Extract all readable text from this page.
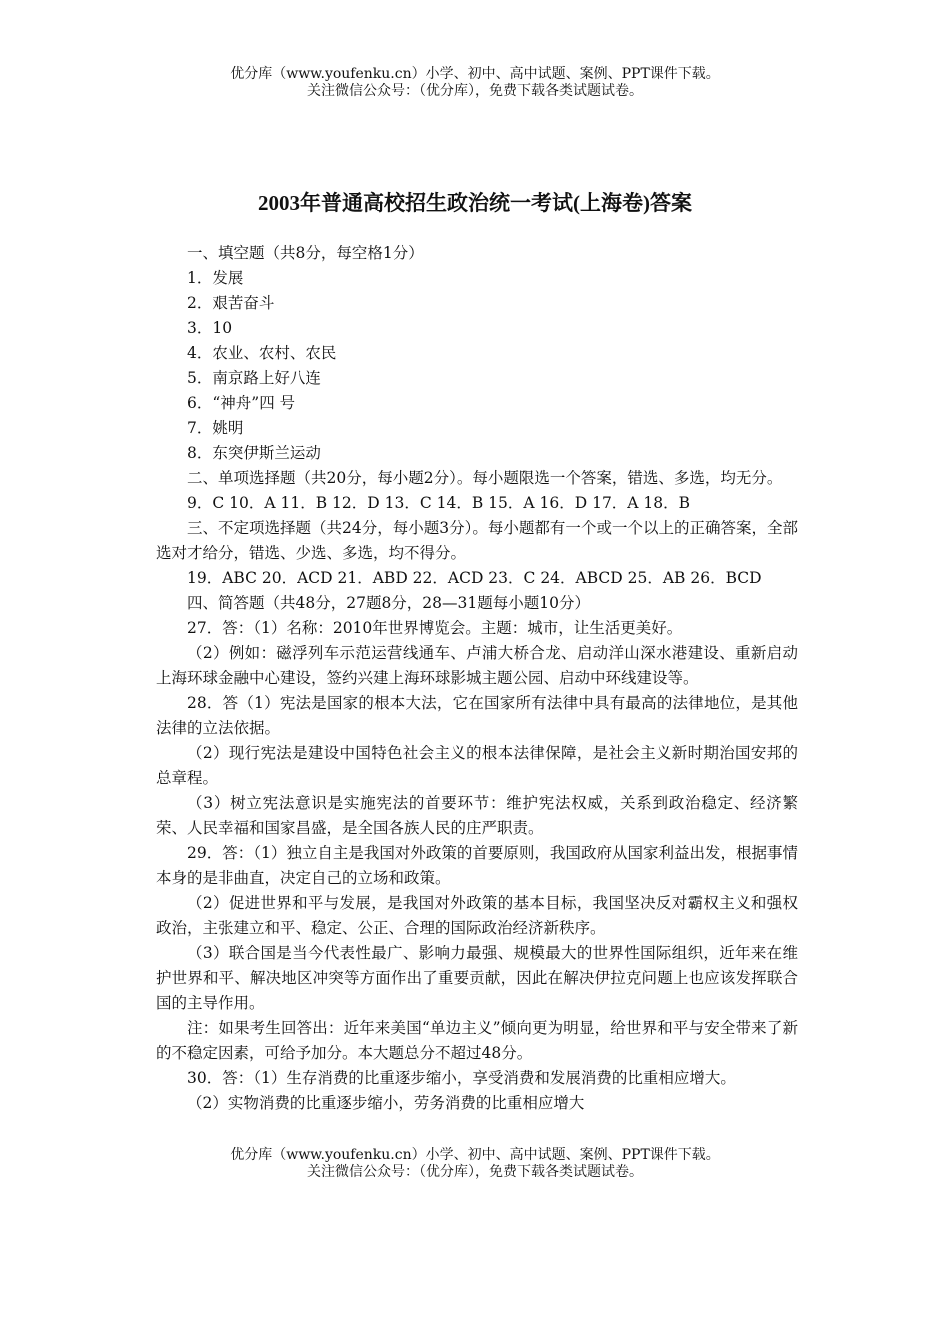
优分库（www.youfenku.cn）小学、初中、高中试题、案例、PPT课件下载。
关注微信公众号：（优分库），免费下载各类试题试卷。
2003年普通高校招生政治统一考试(上海卷)答案

一、填空题（共8分，每空格1分）

1．发展

2．艰苦奋斗

3．10

4．农业、农村、农民

5．南京路上好八连

6．“神舟”四 号

7．姚明

8．东突伊斯兰运动

二、单项选择题（共20分，每小题2分）。每小题限选一个答案，错选、多选，均无分。

9．C 10．A 11．B 12．D 13．C 14．B 15．A 16．D 17．A 18．B

三、不定项选择题（共24分，每小题3分）。每小题都有一个或一个以上的正确答案，全部选对才给分，错选、少选、多选，均不得分。

19．ABC 20．ACD 21．ABD 22．ACD 23．C 24．ABCD 25．AB 26．BCD

四、简答题（共48分，27题8分，28—31题每小题10分）

27．答：（1）名称：2010年世界博览会。主题：城市，让生活更美好。

（2）例如：磁浮列车示范运营线通车、卢浦大桥合龙、启动洋山深水港建设、重新启动上海环球金融中心建设，签约兴建上海环球影城主题公园、启动中环线建设等。

28．答（1）宪法是国家的根本大法，它在国家所有法律中具有最高的法律地位，是其他法律的立法依据。

（2）现行宪法是建设中国特色社会主义的根本法律保障，是社会主义新时期治国安邦的总章程。

（3）树立宪法意识是实施宪法的首要环节：维护宪法权威，关系到政治稳定、经济繁荣、人民幸福和国家昌盛，是全国各族人民的庄严职责。

29．答：（1）独立自主是我国对外政策的首要原则，我国政府从国家利益出发，根据事情本身的是非曲直，决定自己的立场和政策。

（2）促进世界和平与发展，是我国对外政策的基本目标，我国坚决反对霸权主义和强权政治，主张建立和平、稳定、公正、合理的国际政治经济新秩序。

（3）联合国是当今代表性最广、影响力最强、规模最大的世界性国际组织，近年来在维护世界和平、解决地区冲突等方面作出了重要贡献，因此在解决伊拉克问题上也应该发挥联合国的主导作用。

注：如果考生回答出：近年来美国“单边主义”倾向更为明显，给世界和平与安全带来了新的不稳定因素，可给予加分。本大题总分不超过48分。

30．答：（1）生存消费的比重逐步缩小，享受消费和发展消费的比重相应增大。

（2）实物消费的比重逐步缩小，劳务消费的比重相应增大

优分库（www.youfenku.cn）小学、初中、高中试题、案例、PPT课件下载。
关注微信公众号：（优分库），免费下载各类试题试卷。
